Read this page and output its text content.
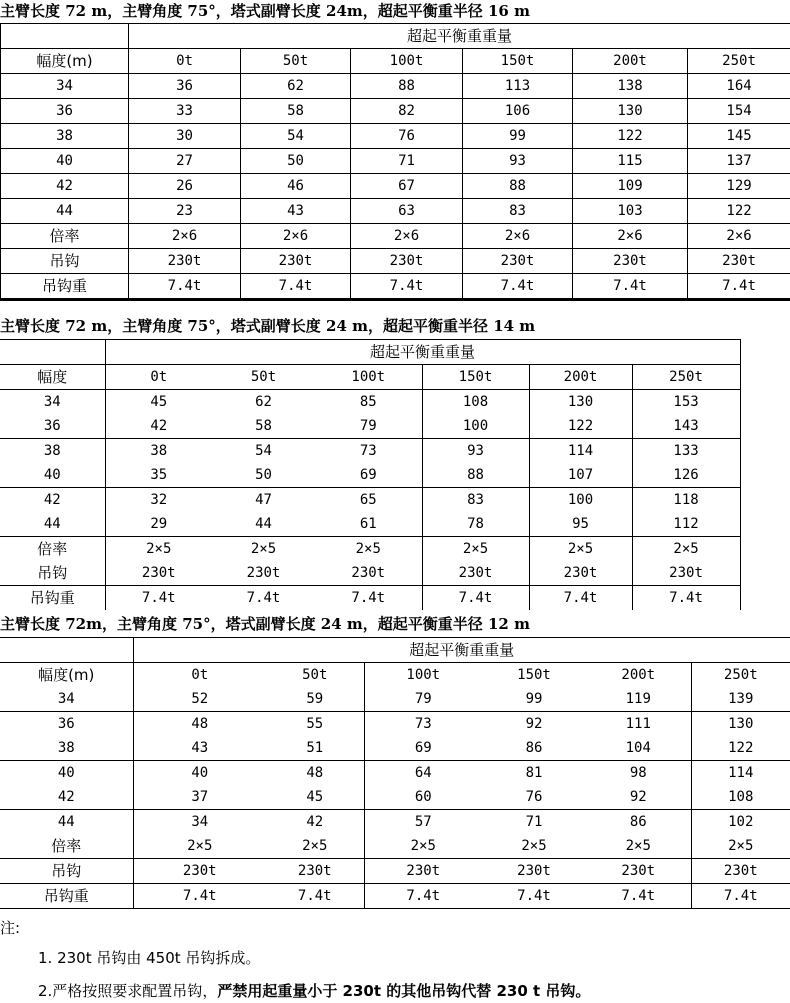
主臂长度 72 m，主臂角度 75°，塔式副臂长度 24m，超起平衡重半径 16 m
	超起平衡重重量					
幅度(m)	0t	50t	100t	150t	200t	250t
34	36	62	88	113	138	164
36	33	58	82	106	130	154
38	30	54	76	99	122	145
40	27	50	71	93	115	137
42	26	46	67	88	109	129
44	23	43	63	83	103	122
倍率	2×6	2×6	2×6	2×6	2×6	2×6
吊钩	230t	230t	230t	230t	230t	230t
吊钩重	7.4t	7.4t	7.4t	7.4t	7.4t	7.4t
主臂长度 72 m，主臂角度 75°，塔式副臂长度 24 m，超起平衡重半径 14 m
	超起平衡重重量					
幅度	0t	50t	100t	150t	200t	250t
34	45	62	85	108	130	153
36	42	58	79	100	122	143
38	38	54	73	93	114	133
40	35	50	69	88	107	126
42	32	47	65	83	100	118
44	29	44	61	78	95	112
倍率	2×5	2×5	2×5	2×5	2×5	2×5
吊钩	230t	230t	230t	230t	230t	230t
吊钩重	7.4t	7.4t	7.4t	7.4t	7.4t	7.4t
主臂长度 72m，主臂角度 75°，塔式副臂长度 24 m，超起平衡重半径 12 m
	超起平衡重重量					
幅度(m)	0t	50t	100t	150t	200t	250t
34	52	59	79	99	119	139
36	48	55	73	92	111	130
38	43	51	69	86	104	122
40	40	48	64	81	98	114
42	37	45	60	76	92	108
44	34	42	57	71	86	102
倍率	2×5	2×5	2×5	2×5	2×5	2×5
吊钩	230t	230t	230t	230t	230t	230t
吊钩重	7.4t	7.4t	7.4t	7.4t	7.4t	7.4t
注:
1. 230t 吊钩由 450t 吊钩拆成。
2.严格按照要求配置吊钩，严禁用起重量小于 230t 的其他吊钩代替 230 t 吊钩。
